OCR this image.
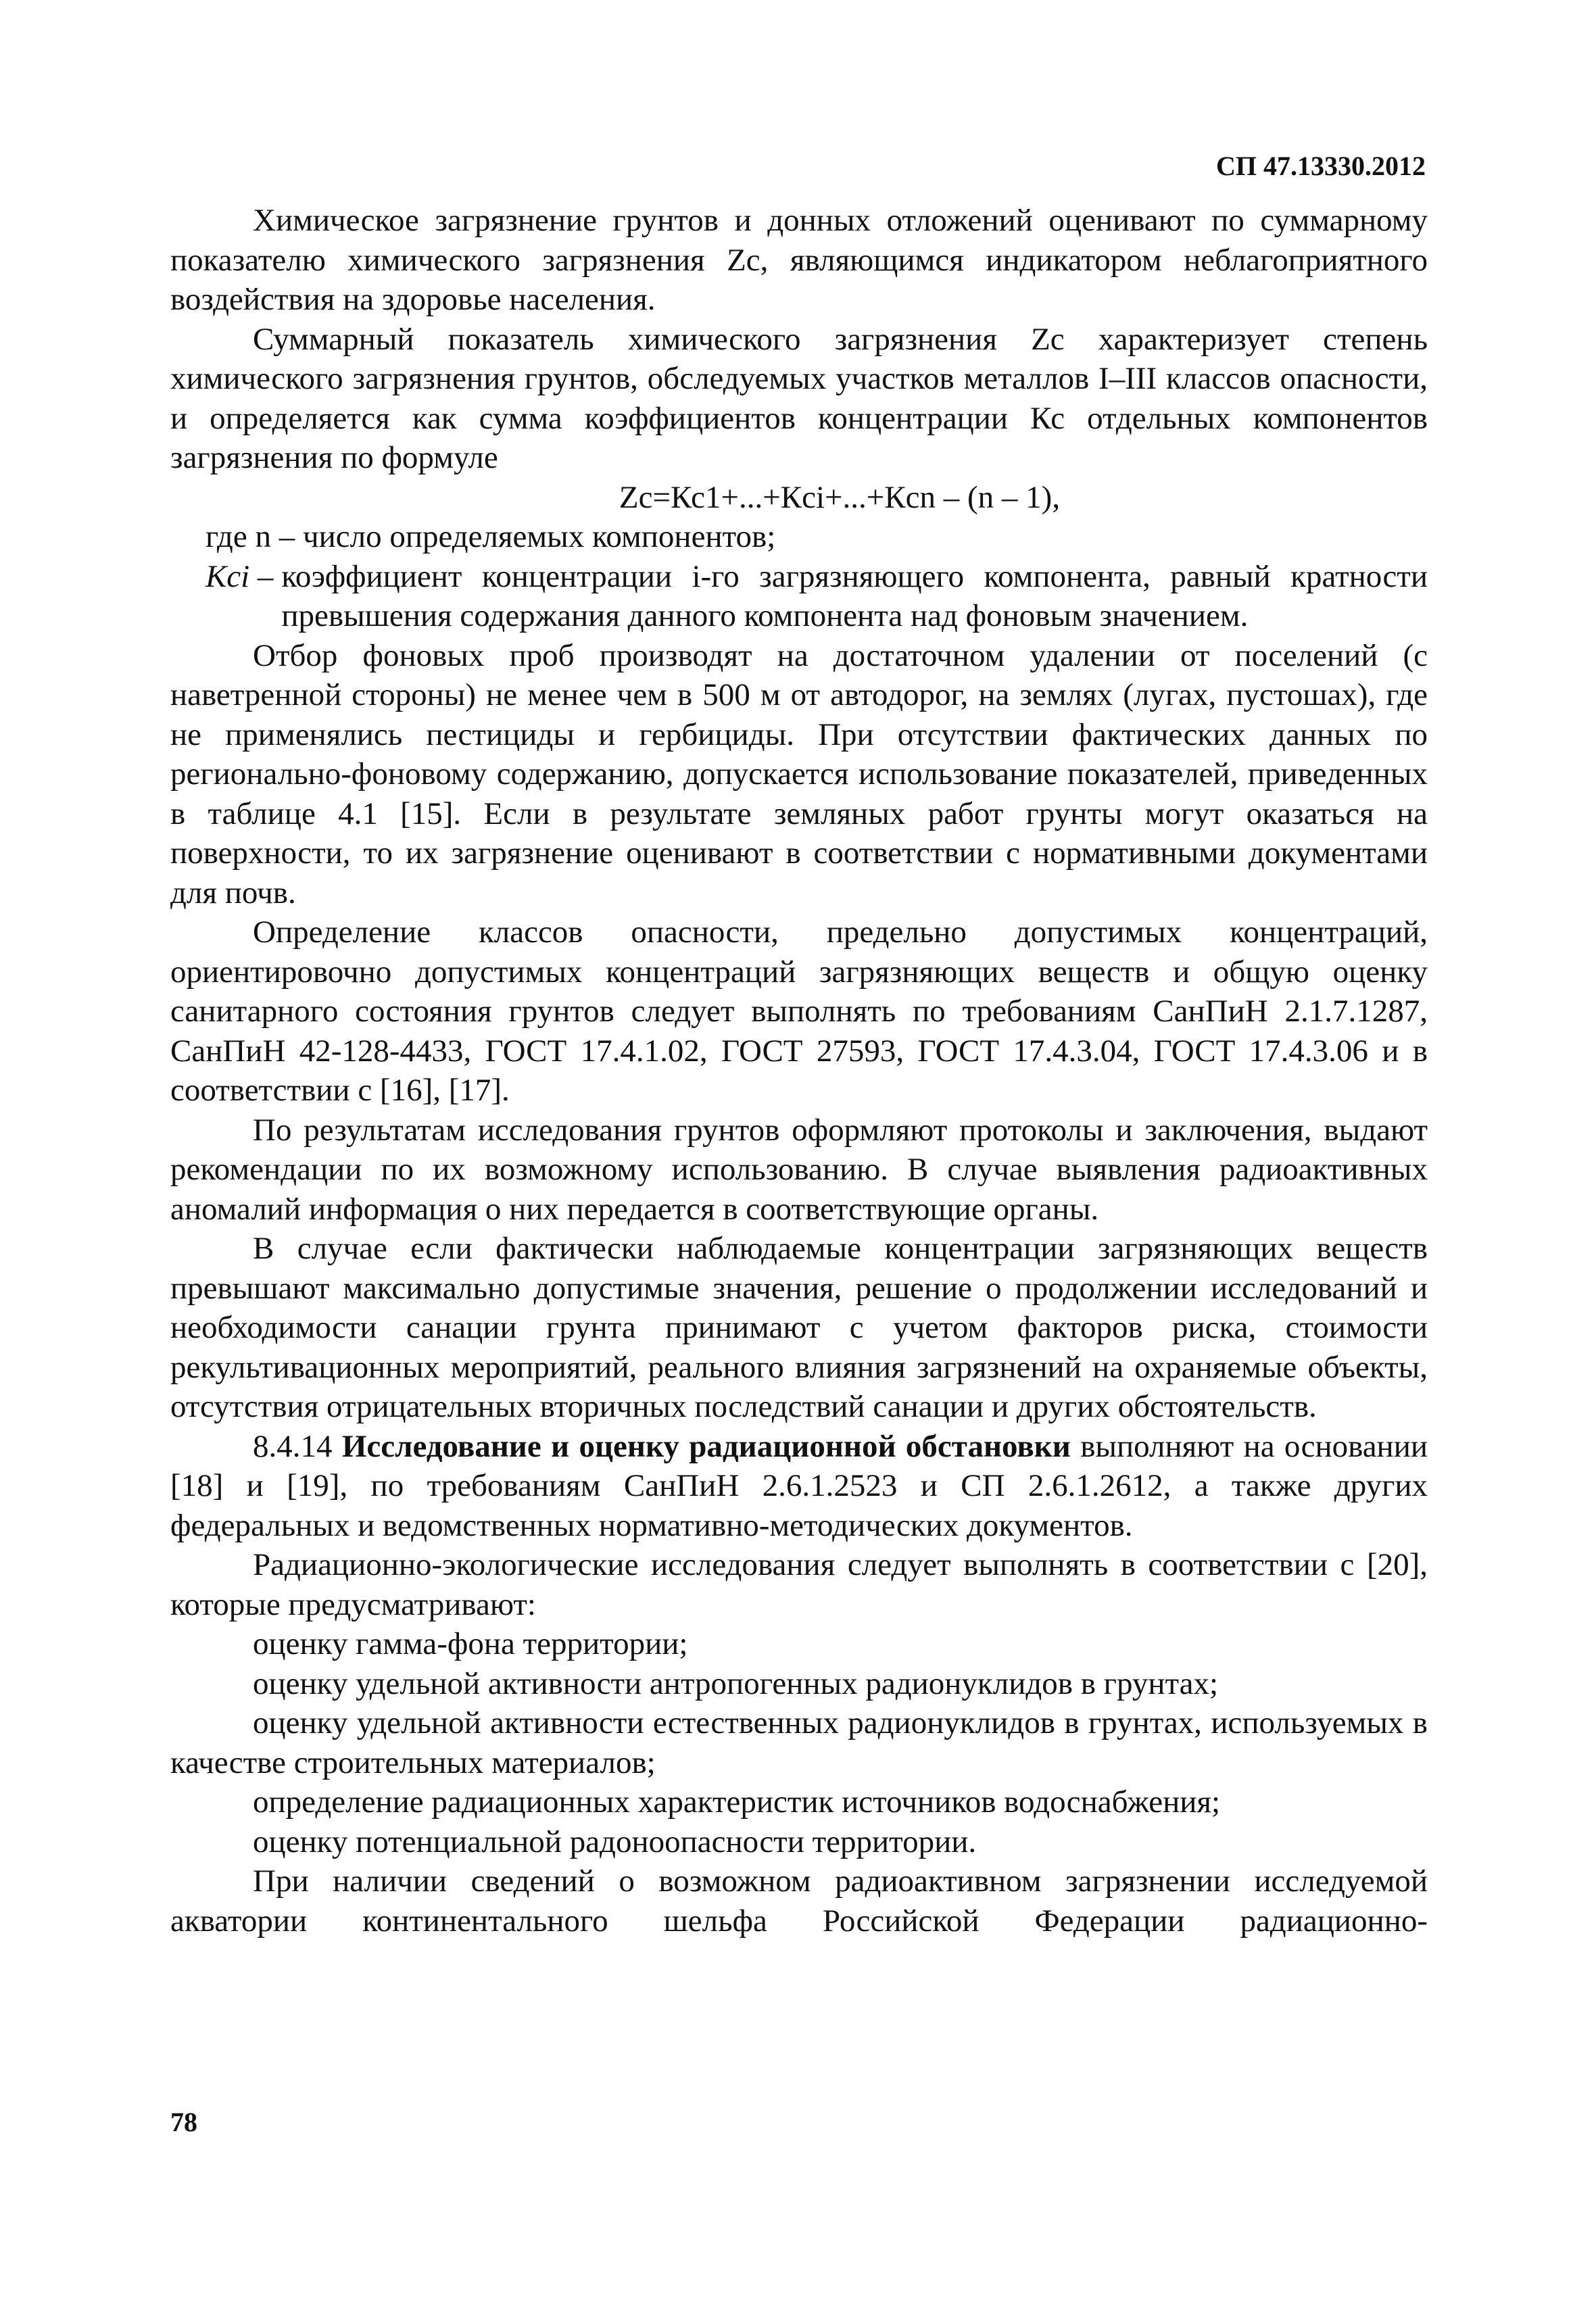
СП 47.13330.2012

Химическое загрязнение грунтов и донных отложений оценивают по суммарному показателю химического загрязнения Zc, являющимся индикатором неблагоприятного воздействия на здоровье населения.

Суммарный показатель химического загрязнения Zc характеризует степень химического загрязнения грунтов, обследуемых участков металлов I–III классов опасности, и определяется как сумма коэффициентов концентрации Кс отдельных компонентов загрязнения по формуле

Zc=Кс1+...+Кci+...+Кcn – (n – 1),

где n – число определяемых компонентов;

Кci – коэффициент концентрации i-го загрязняющего компонента, равный кратности превышения содержания данного компонента над фоновым значением.

Отбор фоновых проб производят на достаточном удалении от поселений (с наветренной стороны) не менее чем в 500 м от автодорог, на землях (лугах, пустошах), где не применялись пестициды и гербициды. При отсутствии фактических данных по регионально-фоновому содержанию, допускается использование показателей, приведенных в таблице 4.1 [15]. Если в результате земляных работ грунты могут оказаться на поверхности, то их загрязнение оценивают в соответствии с нормативными документами для почв.

Определение классов опасности, предельно допустимых концентраций, ориентировочно допустимых концентраций загрязняющих веществ и общую оценку санитарного состояния грунтов следует выполнять по требованиям СанПиН 2.1.7.1287, СанПиН 42-128-4433, ГОСТ 17.4.1.02, ГОСТ 27593, ГОСТ 17.4.3.04, ГОСТ 17.4.3.06 и в соответствии с [16], [17].

По результатам исследования грунтов оформляют протоколы и заключения, выдают рекомендации по их возможному использованию. В случае выявления радиоактивных аномалий информация о них передается в соответствующие органы.

В случае если фактически наблюдаемые концентрации загрязняющих веществ превышают максимально допустимые значения, решение о продолжении исследований и необходимости санации грунта принимают с учетом факторов риска, стоимости рекультивационных мероприятий, реального влияния загрязнений на охраняемые объекты, отсутствия отрицательных вторичных последствий санации и других обстоятельств.

8.4.14 Исследование и оценку радиационной обстановки выполняют на основании [18] и [19], по требованиям СанПиН 2.6.1.2523 и СП 2.6.1.2612, а также других федеральных и ведомственных нормативно-методических документов.

Радиационно-экологические исследования следует выполнять в соответствии с [20], которые предусматривают:

оценку гамма-фона территории;

оценку удельной активности антропогенных радионуклидов в грунтах;

оценку удельной активности естественных радионуклидов в грунтах, используемых в качестве строительных материалов;

определение радиационных характеристик источников водоснабжения;

оценку потенциальной радоноопасности территории.

При наличии сведений о возможном радиоактивном загрязнении исследуемой акватории континентального шельфа Российской Федерации радиационно-

78
